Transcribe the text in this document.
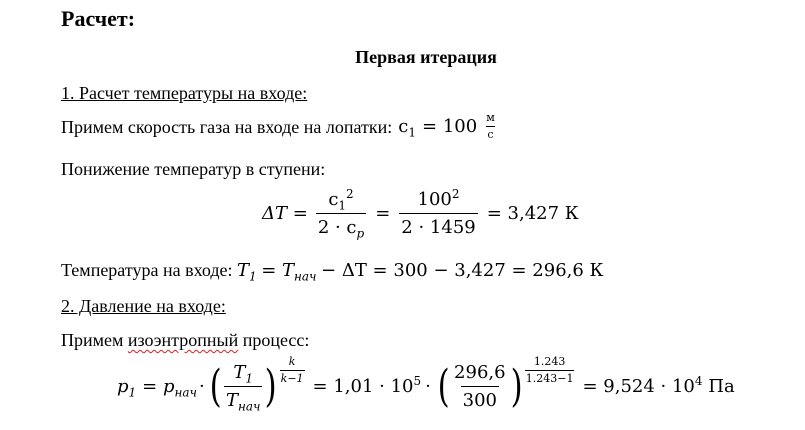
Расчет:
Первая итерация
1. Расчет температуры на входе:
Примем скорость газа на входе на лопатки: $c_1 = 100 \frac{м}{с}$
Понижение температур в ступени:
$\Delta T = \frac{c_1^2}{2 \cdot c_p} = \frac{100^2}{2 \cdot 1459} = 3,427$ К
Температура на входе: $T_1 = T_{нач} - \Delta T = 300 - 3,427 = 296,6$ К
2. Давление на входе:
Примем изоэнтропный процесс:
$p_1 = p_{нач}$ · ( $\frac{T_1}{T_{нач}}$ ) $\frac{k}{k-1}$
= $1,01 \cdot 10^5$ · ( $\frac{296,6}{300}$ ) $\frac{1.243}{1.243-1}$
= $9,524 \cdot 10^4$ Па
